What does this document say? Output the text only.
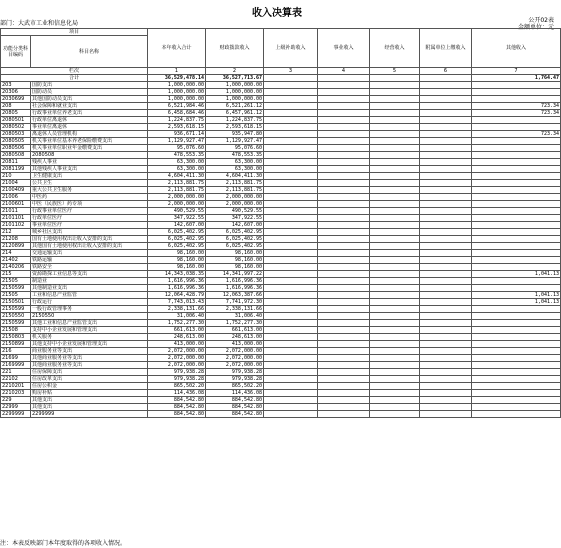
收入决算表
部门：大武市工业和信息化局	公开02表
金额单位：元
项目		本年收入合计	财政拨款收入	上级补助收入	事业收入	经营收入	附属单位上缴收入	其他收入
功能分类科目编码	科目名称							
栏次		1	2	3	4	5	6	7
合计		36,529,478.14	36,527,713.67					1,764.47
203	国防支出	1,000,000.00	1,000,000.00					
20306	国防动员	1,000,000.00	1,000,000.00					
2030699	其他国防动员支出	1,000,000.00	1,000,000.00					
208	社会保障和就业支出	6,521,984.46	6,521,261.12					723.34
20805	行政事业单位养老支出	6,458,684.46	6,457,961.12					723.34
2080501	行政单位离退休	1,224,837.75	1,224,837.75					
2080502	事业单位离退休	2,593,618.15	2,593,618.15					
2080503	离退休人员管理机构	936,671.14	935,947.80					723.34
2080505	机关事业单位基本养老保险缴费支出	1,129,927.47	1,129,927.47					
2080506	机关事业单位职业年金缴费支出	95,076.60	95,076.60					
2080508	2080508	478,553.35	478,553.35					
20811	残疾人事业	63,300.00	63,300.00					
2081199	其他残疾人事业支出	63,300.00	63,300.00					
210	卫生健康支出	4,604,411.30	4,604,411.30					
21004	公共卫生	2,113,881.75	2,113,881.75					
2100409	重大公共卫生服务	2,113,881.75	2,113,881.75					
21006	中医药	2,000,000.00	2,000,000.00					
2100601	中医（民族医）药专项	2,000,000.00	2,000,000.00					
21011	行政事业单位医疗	490,529.55	490,529.55					
2101101	行政单位医疗	347,922.55	347,922.55					
2101102	事业单位医疗	142,607.00	142,607.00					
212	城乡社区支出	6,025,402.95	6,025,402.95					
21208	国有土地使用权出让收入安排的支出	6,025,402.95	6,025,402.95					
2120899	其他国有土地使用权出让收入安排的支出	6,025,402.95	6,025,402.95					
214	交通运输支出	98,160.00	98,160.00					
21402	铁路运输	98,160.00	98,160.00					
2140206	铁路安全	98,160.00	98,160.00					
215	资源勘探工业信息等支出	14,343,038.35	14,341,997.22					1,041.13
21505	制造业	1,616,996.36	1,616,996.36					
2150599	其他制造业支出	1,616,996.36	1,616,996.36					
21505	工业和信息产业监管	12,064,428.79	12,063,387.66					1,041.13
2150501	行政运行	7,743,013.43	7,741,972.30					1,041.13
2150599	一般行政管理事务	2,338,131.66	2,338,131.66					
2150550	2150550	31,006.40	31,006.40					
2150599	其他工业和信息产业监管支出	1,752,277.30	1,752,277.30					
21508	支持中小企业发展和管理支出	661,613.00	661,613.00					
2150803	机关服务	248,613.00	248,613.00					
2150899	其他支持中小企业发展和管理支出	413,000.00	413,000.00					
216	商业服务业等支出	2,072,000.00	2,072,000.00					
21699	其他商业服务业等支出	2,072,000.00	2,072,000.00					
2169999	其他商业服务业等支出	2,072,000.00	2,072,000.00					
221	住房保障支出	979,938.28	979,938.28					
22102	住房改革支出	979,938.28	979,938.28					
2210201	住房公积金	865,502.20	865,502.20					
2210203	购房补贴	114,436.08	114,436.08					
229	其他支出	884,542.80	884,542.80					
22999	其他支出	884,542.80	884,542.80					
2299999	2299999	884,542.80	884,542.80					
注：本表反映部门本年度取得的各项收入情况。
